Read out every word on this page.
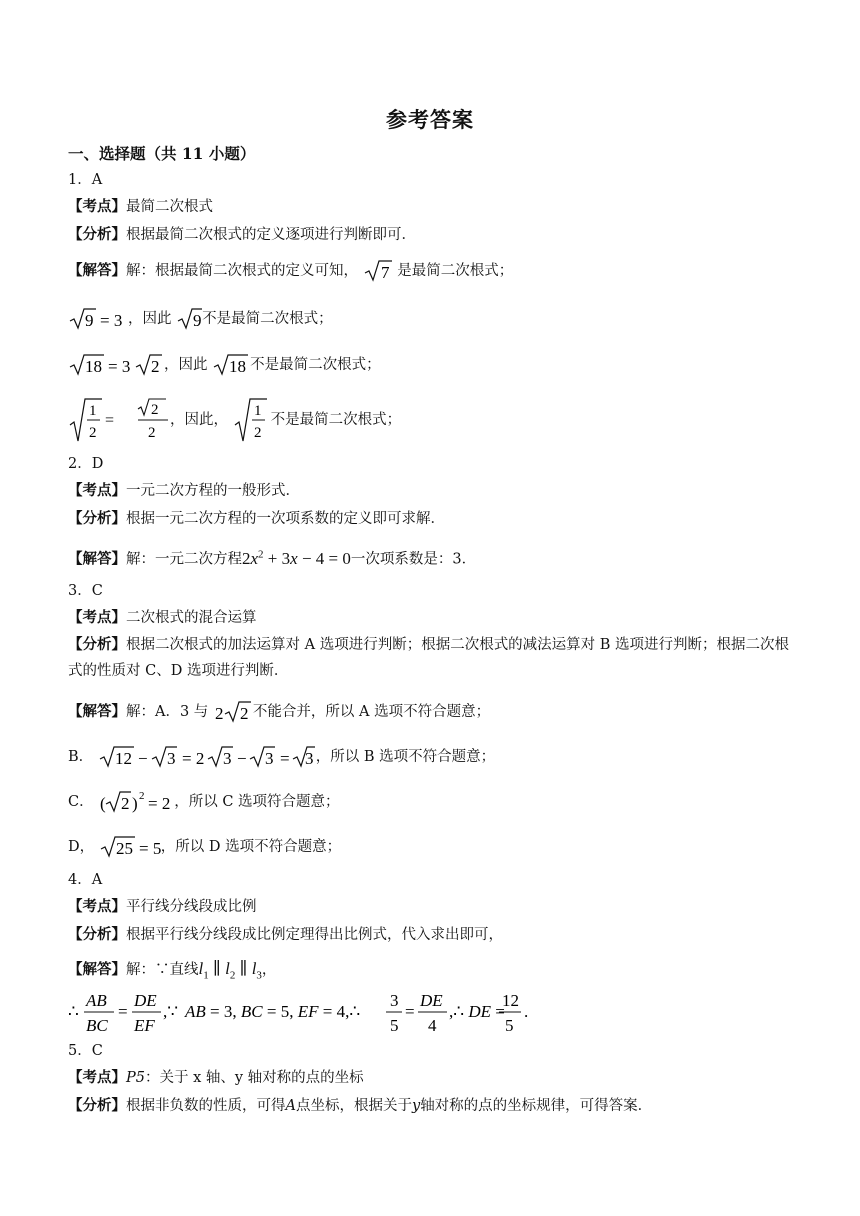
参考答案
一、选择题（共 11 小题）
1．A
【考点】最简二次根式
【分析】根据最简二次根式的定义逐项进行判断即可．
【解答】解：根据最简二次根式的定义可知， 7 是最简二次根式；
9 = 3 ，因此 9 不是最简二次根式；
18 = 3 2 ，因此 18 不是最简二次根式；
1
2
=
2
2
，因此，
1
2
不是最简二次根式；
2．D
【考点】一元二次方程的一般形式．
【分析】根据一元二次方程的一次项系数的定义即可求解．
【解答】解：一元二次方程$2x^2 + 3x - 4 = 0$一次项系数是：3．
3．C
【考点】二次根式的混合运算
【分析】根据二次根式的加法运算对 A 选项进行判断；根据二次根式的减法运算对 B 选项进行判断；根据二次根式的性质对 C、D 选项进行判断．
【解答】解：A．3 与 2 2 不能合并，所以 A 选项不符合题意；
B． 12 − 3 = 2 3 − 3 = 3 ，所以 B 选项不符合题意；
C． ( 2 ) 2 = 2 ，所以 C 选项符合题意；
D， 25 = 5 ，所以 D 选项不符合题意；
4．A
【考点】平行线分线段成比例
【分析】根据平行线分线段成比例定理得出比例式，代入求出即可，
【解答】解：∵直线$l_1$ ∥ $l_2$ ∥ $l_3$，
∴
AB
BC
=
DE
EF
,∵ AB = 3, BC = 5, EF = 4,∴
3
5
=
DE
4
,∴ DE =
12
5
.
5．C
【考点】P5：关于 x 轴、y 轴对称的点的坐标
【分析】根据非负数的性质，可得A点坐标，根据关于y轴对称的点的坐标规律，可得答案．
